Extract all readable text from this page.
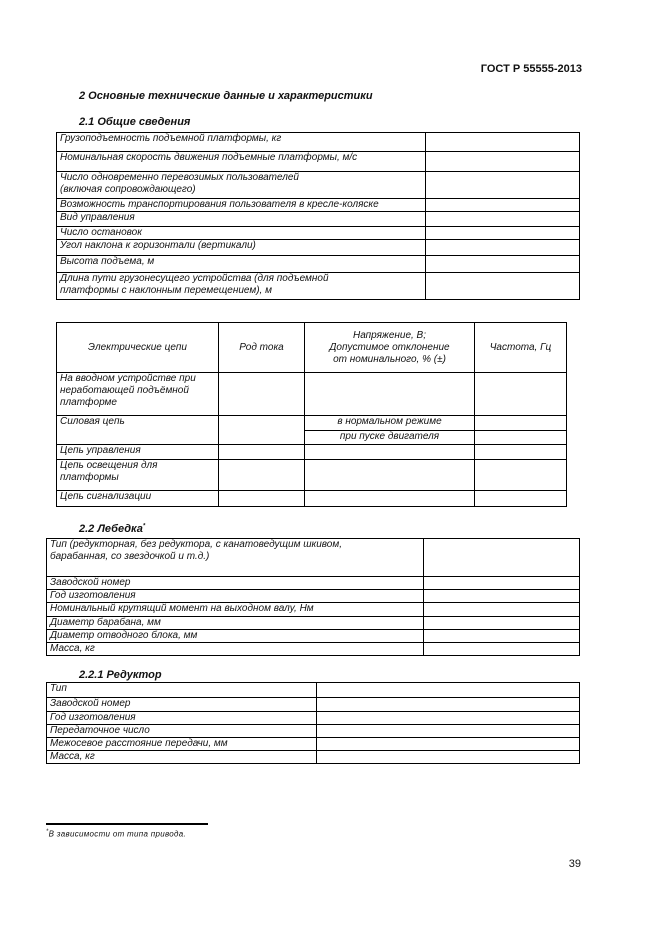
ГОСТ Р 55555-2013
2 Основные технические данные и характеристики
2.1 Общие сведения
Грузоподъемность подъемной платформы, кг	
Номинальная скорость движения подъемные платформы, м/с	
Число одновременно перевозимых пользователей
(включая сопровождающего)	
Возможность транспортирования пользователя в кресле-коляске	
Вид управления	
Число остановок	
Угол наклона к горизонтали (вертикали)	
Высота подъема, м	
Длина пути грузонесущего устройства (для подъемной
платформы с наклонным перемещением), м	
Электрические цепи	Род тока	Напряжение, В;
Допустимое отклонение
от номинального, % (±)	Частота, Гц
На вводном устройстве при
неработающей подъёмной
платформе			
Силовая цепь		в нормальном режиме	
		при пуске двигателя	
Цепь управления			
Цепь освещения для
платформы			
Цепь сигнализации			
2.2 Лебедка*
Тип (редукторная, без редуктора, с канатоведущим шкивом,
барабанная, со звездочкой и т.д.)	
Заводской номер	
Год изготовления	
Номинальный крутящий момент на выходном валу, Нм	
Диаметр барабана, мм	
Диаметр отводного блока, мм	
Масса, кг	
2.2.1 Редуктор
Тип	
Заводской номер	
Год изготовления	
Передаточное число	
Межосевое расстояние передачи, мм	
Масса, кг	
*В зависимости от типа привода.
39
